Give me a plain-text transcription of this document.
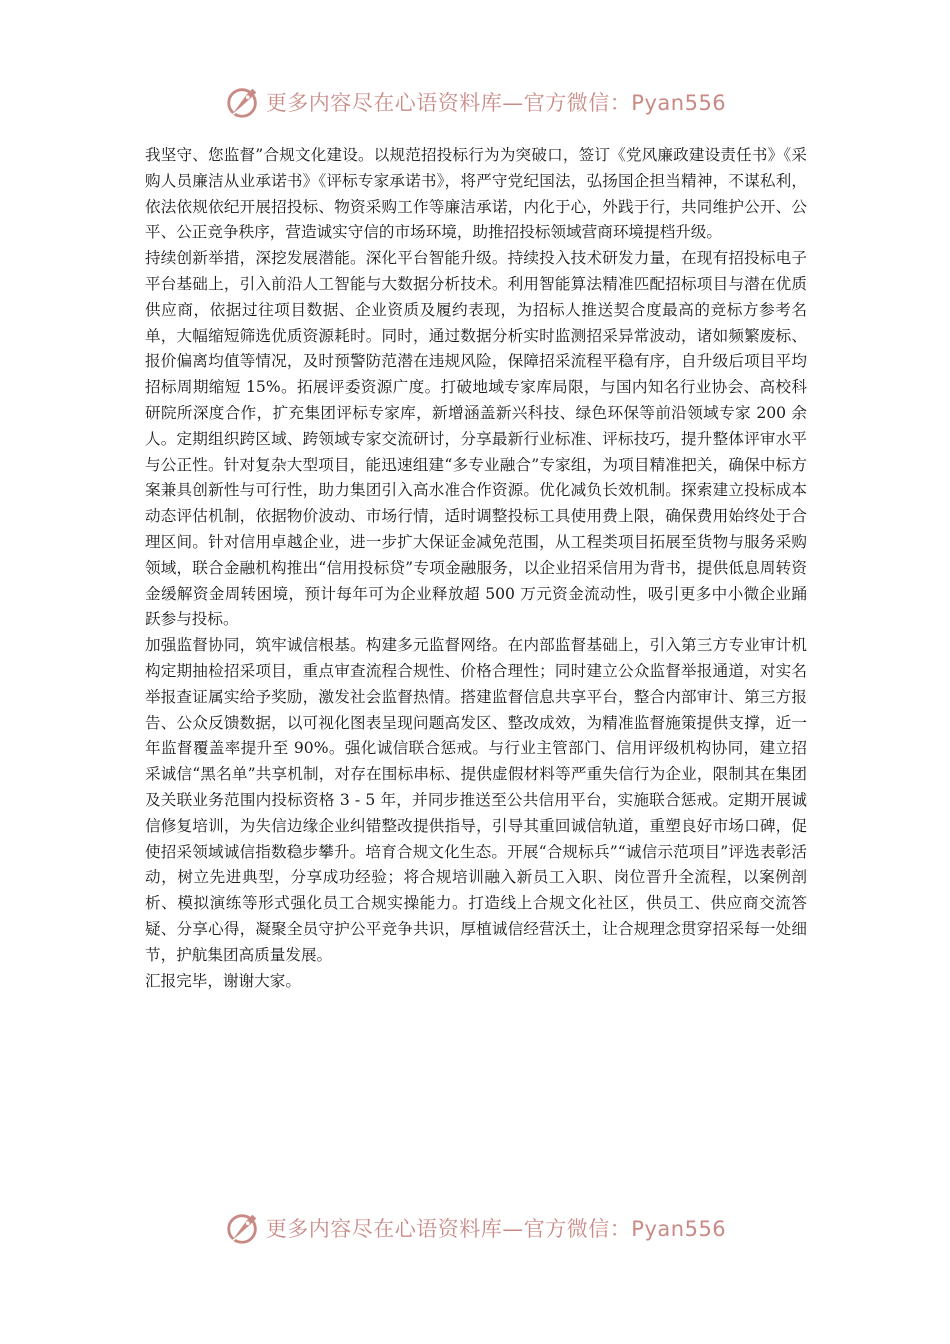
更多内容尽在心语资料库—官方微信：Pyan556

我坚守、您监督”合规文化建设。以规范招投标行为为突破口，签订《党风廉政建设责任书》《采购人员廉洁从业承诺书》《评标专家承诺书》，将严守党纪国法，弘扬国企担当精神，不谋私利，依法依规依纪开展招投标、物资采购工作等廉洁承诺，内化于心，外践于行，共同维护公开、公平、公正竞争秩序，营造诚实守信的市场环境，助推招投标领域营商环境提档升级。

持续创新举措，深挖发展潜能。深化平台智能升级。持续投入技术研发力量，在现有招投标电子平台基础上，引入前沿人工智能与大数据分析技术。利用智能算法精准匹配招标项目与潜在优质供应商，依据过往项目数据、企业资质及履约表现，为招标人推送契合度最高的竞标方参考名单，大幅缩短筛选优质资源耗时。同时，通过数据分析实时监测招采异常波动，诸如频繁废标、报价偏离均值等情况，及时预警防范潜在违规风险，保障招采流程平稳有序，自升级后项目平均招标周期缩短 15%。拓展评委资源广度。打破地域专家库局限，与国内知名行业协会、高校科研院所深度合作，扩充集团评标专家库，新增涵盖新兴科技、绿色环保等前沿领域专家 200 余人。定期组织跨区域、跨领域专家交流研讨，分享最新行业标准、评标技巧，提升整体评审水平与公正性。针对复杂大型项目，能迅速组建“多专业融合”专家组，为项目精准把关，确保中标方案兼具创新性与可行性，助力集团引入高水准合作资源。优化减负长效机制。探索建立投标成本动态评估机制，依据物价波动、市场行情，适时调整投标工具使用费上限，确保费用始终处于合理区间。针对信用卓越企业，进一步扩大保证金减免范围，从工程类项目拓展至货物与服务采购领域，联合金融机构推出“信用投标贷”专项金融服务，以企业招采信用为背书，提供低息周转资金缓解资金周转困境，预计每年可为企业释放超 500 万元资金流动性，吸引更多中小微企业踊跃参与投标。

加强监督协同，筑牢诚信根基。构建多元监督网络。在内部监督基础上，引入第三方专业审计机构定期抽检招采项目，重点审查流程合规性、价格合理性；同时建立公众监督举报通道，对实名举报查证属实给予奖励，激发社会监督热情。搭建监督信息共享平台，整合内部审计、第三方报告、公众反馈数据，以可视化图表呈现问题高发区、整改成效，为精准监督施策提供支撑，近一年监督覆盖率提升至 90%。强化诚信联合惩戒。与行业主管部门、信用评级机构协同，建立招采诚信“黑名单”共享机制，对存在围标串标、提供虚假材料等严重失信行为企业，限制其在集团及关联业务范围内投标资格 3 - 5 年，并同步推送至公共信用平台，实施联合惩戒。定期开展诚信修复培训，为失信边缘企业纠错整改提供指导，引导其重回诚信轨道，重塑良好市场口碑，促使招采领域诚信指数稳步攀升。培育合规文化生态。开展“合规标兵”“诚信示范项目”评选表彰活动，树立先进典型，分享成功经验；将合规培训融入新员工入职、岗位晋升全流程，以案例剖析、模拟演练等形式强化员工合规实操能力。打造线上合规文化社区，供员工、供应商交流答疑、分享心得，凝聚全员守护公平竞争共识，厚植诚信经营沃土，让合规理念贯穿招采每一处细节，护航集团高质量发展。

汇报完毕，谢谢大家。

更多内容尽在心语资料库—官方微信：Pyan556
